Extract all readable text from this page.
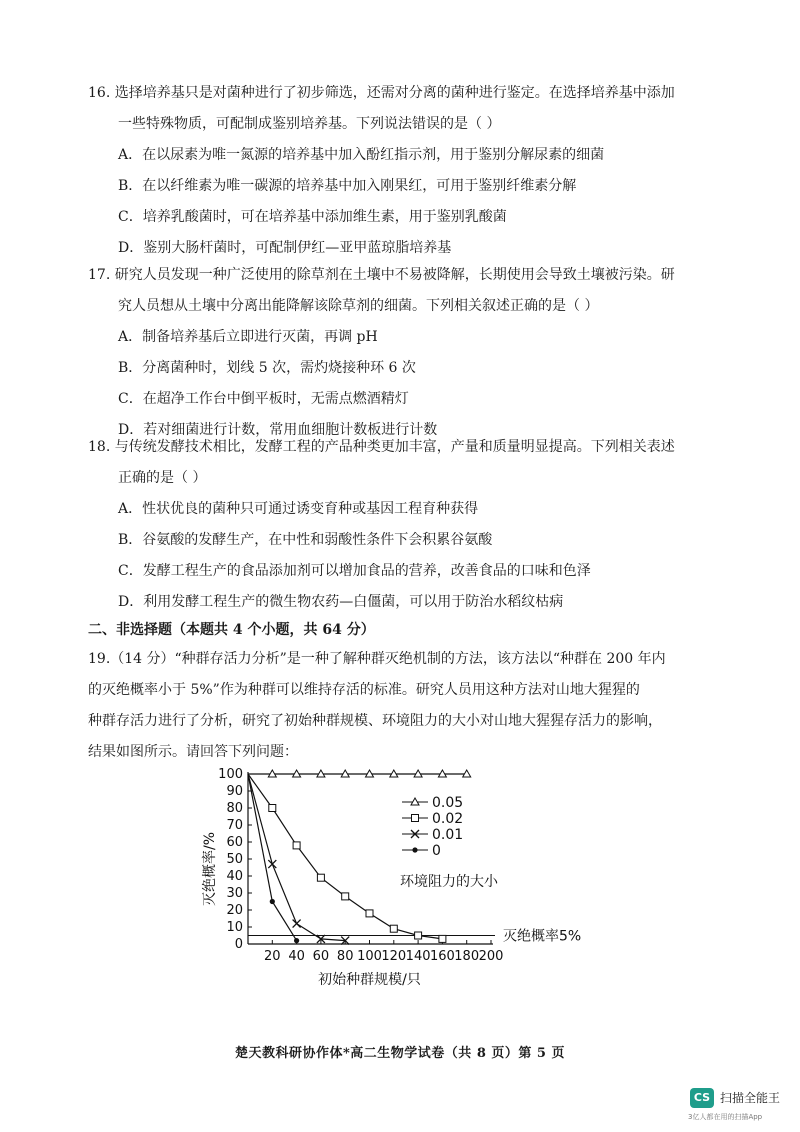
16. 选择培养基只是对菌种进行了初步筛选，还需对分离的菌种进行鉴定。在选择培养基中添加
一些特殊物质，可配制成鉴别培养基。下列说法错误的是（ ）
A．在以尿素为唯一氮源的培养基中加入酚红指示剂，用于鉴别分解尿素的细菌
B．在以纤维素为唯一碳源的培养基中加入刚果红，可用于鉴别纤维素分解
C．培养乳酸菌时，可在培养基中添加维生素，用于鉴别乳酸菌
D．鉴别大肠杆菌时，可配制伊红—亚甲蓝琼脂培养基
17. 研究人员发现一种广泛使用的除草剂在土壤中不易被降解，长期使用会导致土壤被污染。研
究人员想从土壤中分离出能降解该除草剂的细菌。下列相关叙述正确的是（ ）
A．制备培养基后立即进行灭菌，再调 pH
B．分离菌种时，划线 5 次，需灼烧接种环 6 次
C．在超净工作台中倒平板时，无需点燃酒精灯
D．若对细菌进行计数，常用血细胞计数板进行计数
18. 与传统发酵技术相比，发酵工程的产品种类更加丰富，产量和质量明显提高。下列相关表述
正确的是（ ）
A．性状优良的菌种只可通过诱变育种或基因工程育种获得
B．谷氨酸的发酵生产，在中性和弱酸性条件下会积累谷氨酸
C．发酵工程生产的食品添加剂可以增加食品的营养，改善食品的口味和色泽
D．利用发酵工程生产的微生物农药—白僵菌，可以用于防治水稻纹枯病
二、非选择题（本题共 4 个小题，共 64 分）
19.（14 分）“种群存活力分析”是一种了解种群灭绝机制的方法，该方法以“种群在 200 年内
的灭绝概率小于 5%”作为种群可以维持存活的标准。研究人员用这种方法对山地大猩猩的
种群存活力进行了分析，研究了初始种群规模、环境阻力的大小对山地大猩猩存活力的影响，
结果如图所示。请回答下列问题：
0
10
20
30
40
50
60
70
80
90
100
20 40 60 80 100 120 140 160 180 200
初始种群规模/只
灭绝概率/%
灭绝概率5%
0.05
0.02
0.01
0
环境阻力的大小
楚天教科研协作体*高二生物学试卷（共 8 页）第 5 页
CS 扫描全能王
3亿人都在用的扫描App
